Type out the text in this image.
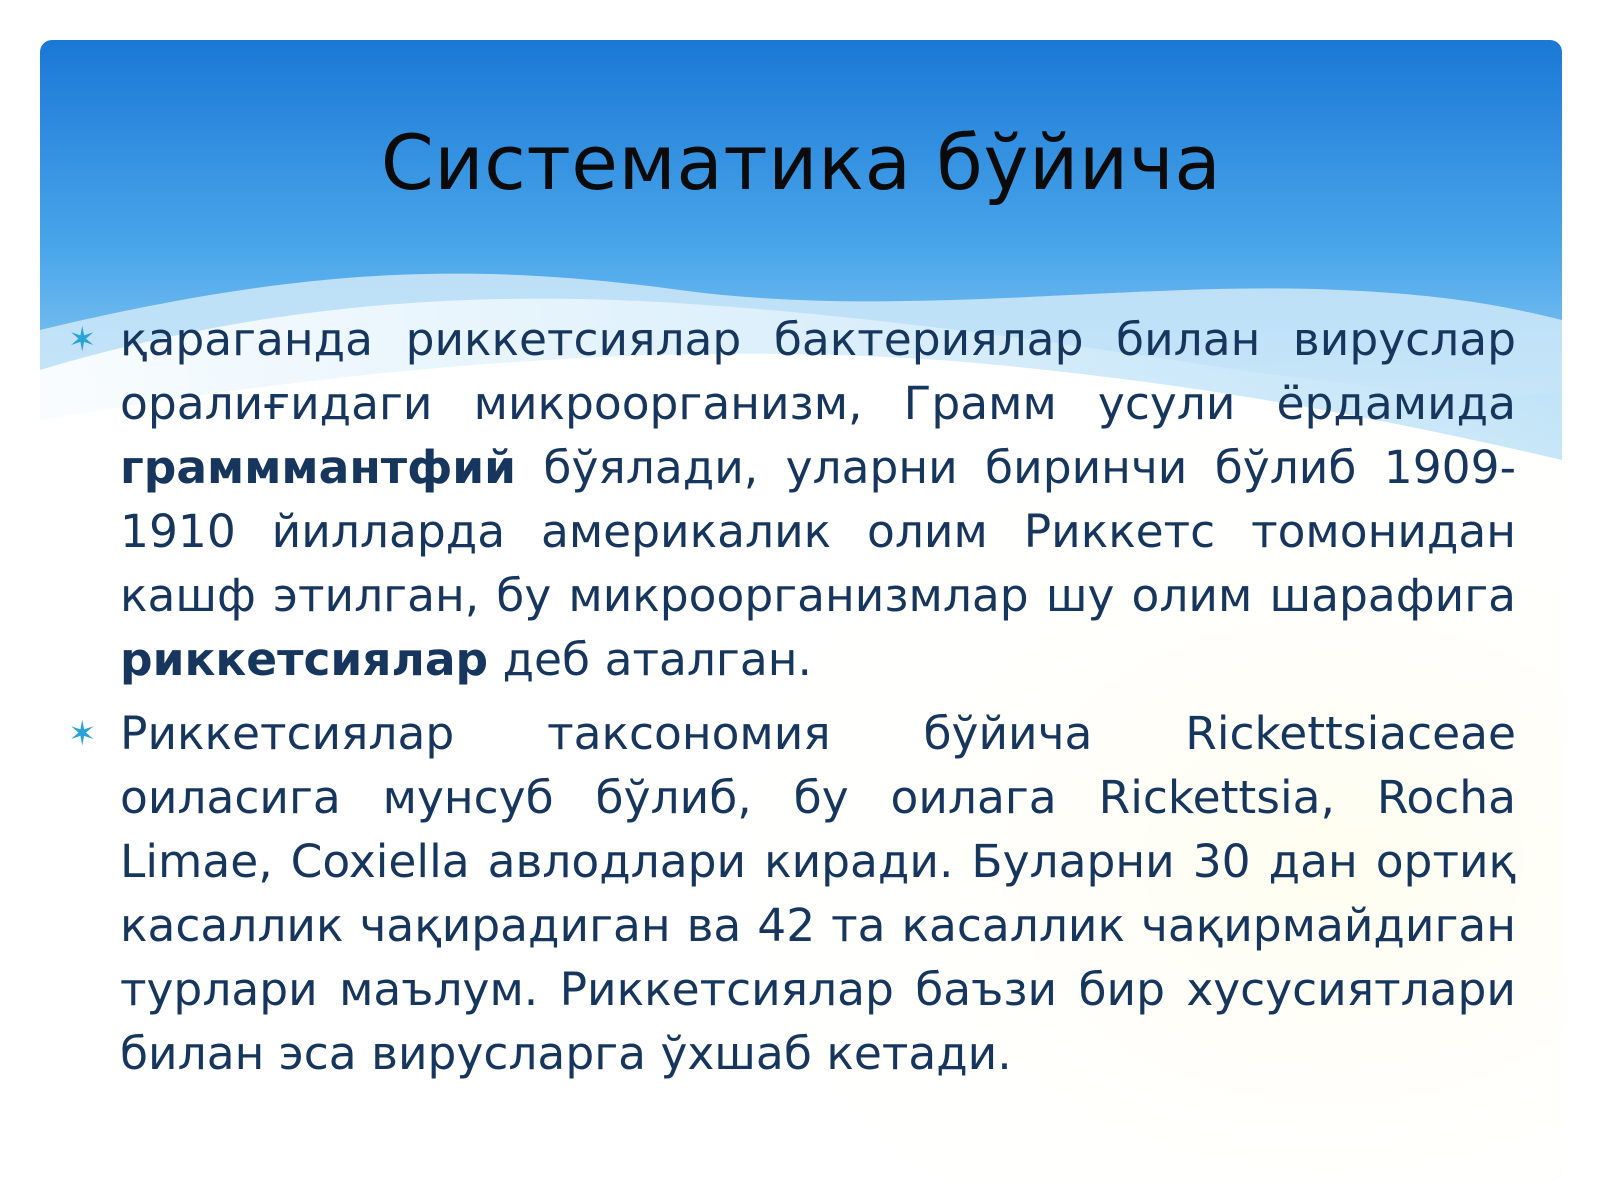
Систематика бўйича

✶ қараганда риккетсиялар бактериялар билан вируслар оралиғидаги микроорганизм, Грамм усули ёрдамида грамммантфий бўялади, уларни биринчи бўлиб 1909-1910 йилларда америкалик олим Риккетс томонидан кашф этилган, бу микроорганизмлар шу олим шарафига риккетсиялар деб аталган.

✶ Риккетсиялар таксономия бўйича Rickettsiaceae оиласига мунсуб бўлиб, бу оилага Rickettsia, Rocha Limae, Coxiella авлодлари киради. Буларни 30 дан ортиқ касаллик чақирадиган ва 42 та касаллик чақирмайдиган турлари маълум. Риккетсиялар баъзи бир хусусиятлари билан эса вирусларга ўхшаб кетади.
